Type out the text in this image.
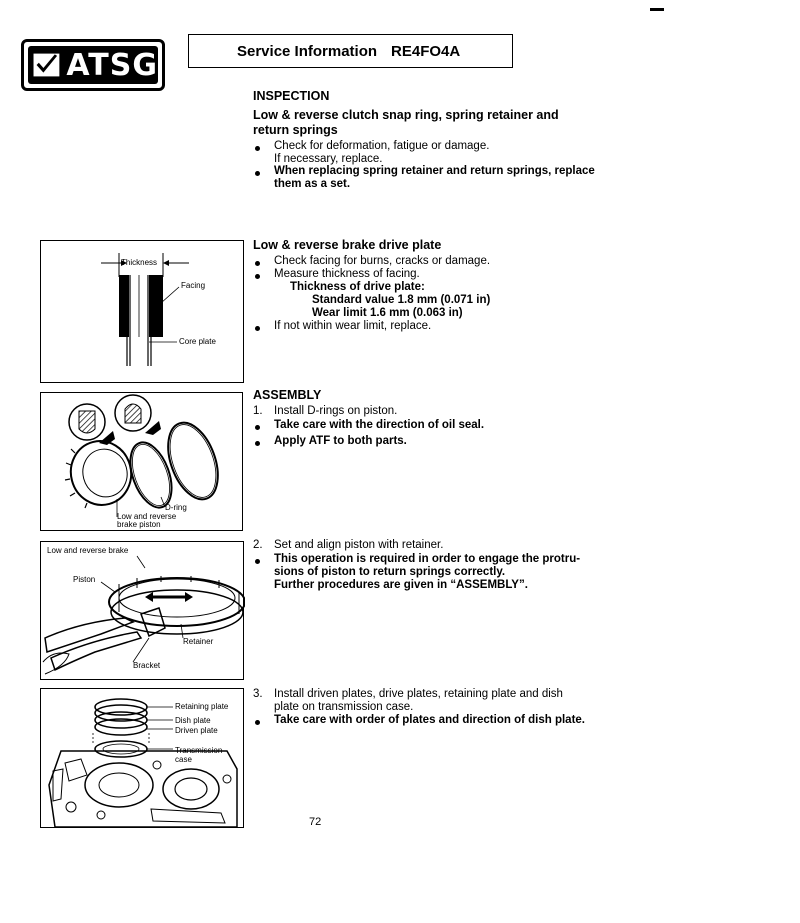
ATSG	Service Information RE4FO4A
INSPECTION
Low & reverse clutch snap ring, spring retainer and
return springs
Check for deformation, fatigue or damage.
If necessary, replace.
When replacing spring retainer and return springs, replace
them as a set.
Low & reverse brake drive plate
Check facing for burns, cracks or damage.
Measure thickness of facing.
Thickness of drive plate:
Standard value 1.8 mm (0.071 in)
Wear limit 1.6 mm (0.063 in)
If not within wear limit, replace.
ASSEMBLY
1. Install D-rings on piston.
Take care with the direction of oil seal.
Apply ATF to both parts.
2. Set and align piston with retainer.
This operation is required in order to engage the protru-
sions of piston to return springs correctly.
Further procedures are given in “ASSEMBLY”.
3. Install driven plates, drive plates, retaining plate and dish
plate on transmission case.
Take care with order of plates and direction of dish plate.
Thickness
Facing
Core plate
D-ring
Low and reverse
brake piston
Low and reverse brake
Piston
Retainer
Bracket
Retaining plate
Dish plate
Driven plate
Transmission
case
72
